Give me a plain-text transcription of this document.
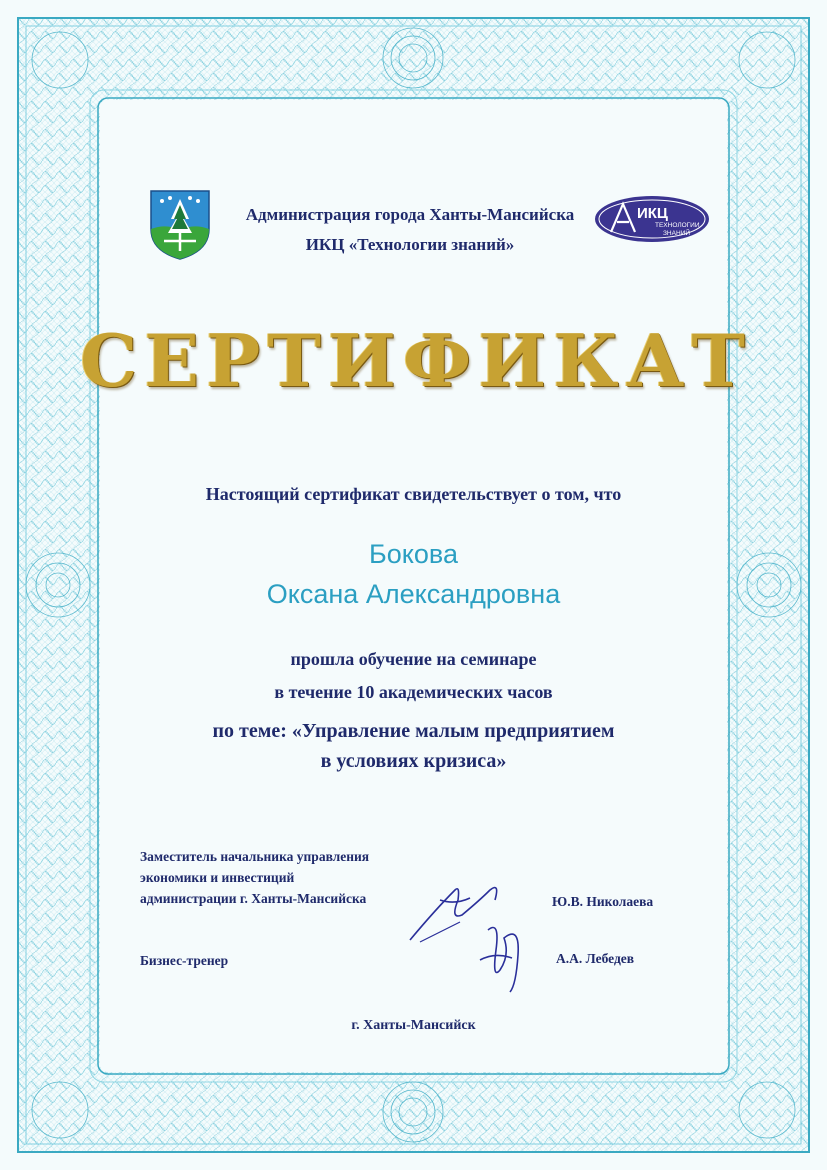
Администрация города Ханты-Мансийска
ИКЦ «Технологии знаний»
ИКЦ
ТЕХНОЛОГИИ
ЗНАНИЙ
СЕРТИФИКАТ
Настоящий сертификат свидетельствует о том, что
Бокова
Оксана Александровна
прошла обучение на семинаре
в течение 10 академических часов
по теме: «Управление малым предприятием
в условиях кризиса»
Заместитель начальника управления
экономики и инвестиций
администрации г. Ханты-Мансийска	Ю.В. Николаева
Бизнес-тренер	А.А. Лебедев
г. Ханты-Мансийск
